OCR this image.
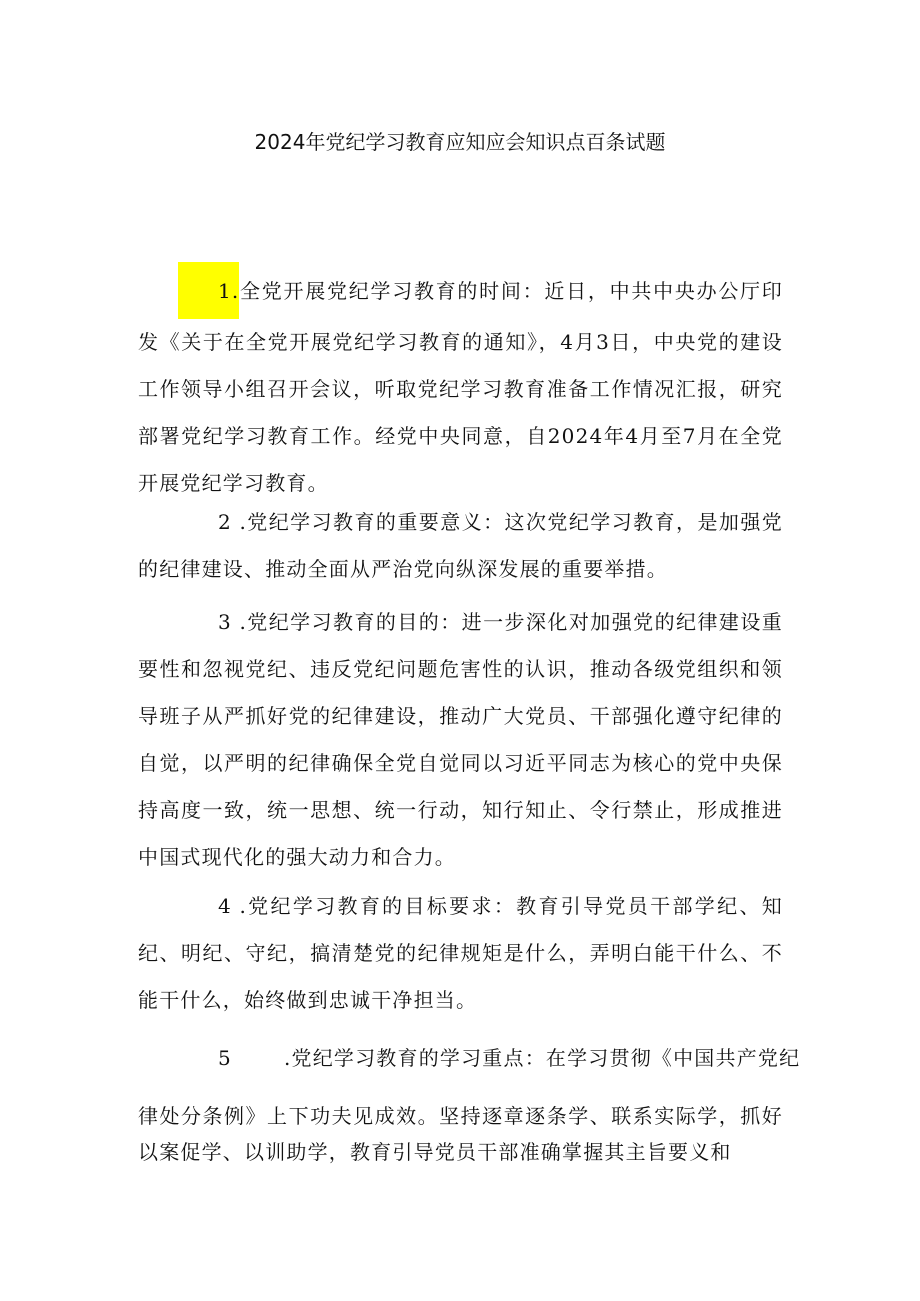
2024年党纪学习教育应知应会知识点百条试题

1.全党开展党纪学习教育的时间：近日，中共中央办公厅印发《关于在全党开展党纪学习教育的通知》，4月3日，中央党的建设工作领导小组召开会议，听取党纪学习教育准备工作情况汇报，研究部署党纪学习教育工作。经党中央同意，自2024年4月至7月在全党开展党纪学习教育。

2 .党纪学习教育的重要意义：这次党纪学习教育，是加强党的纪律建设、推动全面从严治党向纵深发展的重要举措。

3 .党纪学习教育的目的：进一步深化对加强党的纪律建设重要性和忽视党纪、违反党纪问题危害性的认识，推动各级党组织和领导班子从严抓好党的纪律建设，推动广大党员、干部强化遵守纪律的自觉，以严明的纪律确保全党自觉同以习近平同志为核心的党中央保持高度一致，统一思想、统一行动，知行知止、令行禁止，形成推进中国式现代化的强大动力和合力。

4 .党纪学习教育的目标要求：教育引导党员干部学纪、知纪、明纪、守纪，搞清楚党的纪律规矩是什么，弄明白能干什么、不能干什么，始终做到忠诚干净担当。

5	.党纪学习教育的学习重点：在学习贯彻《中国共产党纪

律处分条例》上下功夫见成效。坚持逐章逐条学、联系实际学，抓好以案促学、以训助学，教育引导党员干部准确掌握其主旨要义和
